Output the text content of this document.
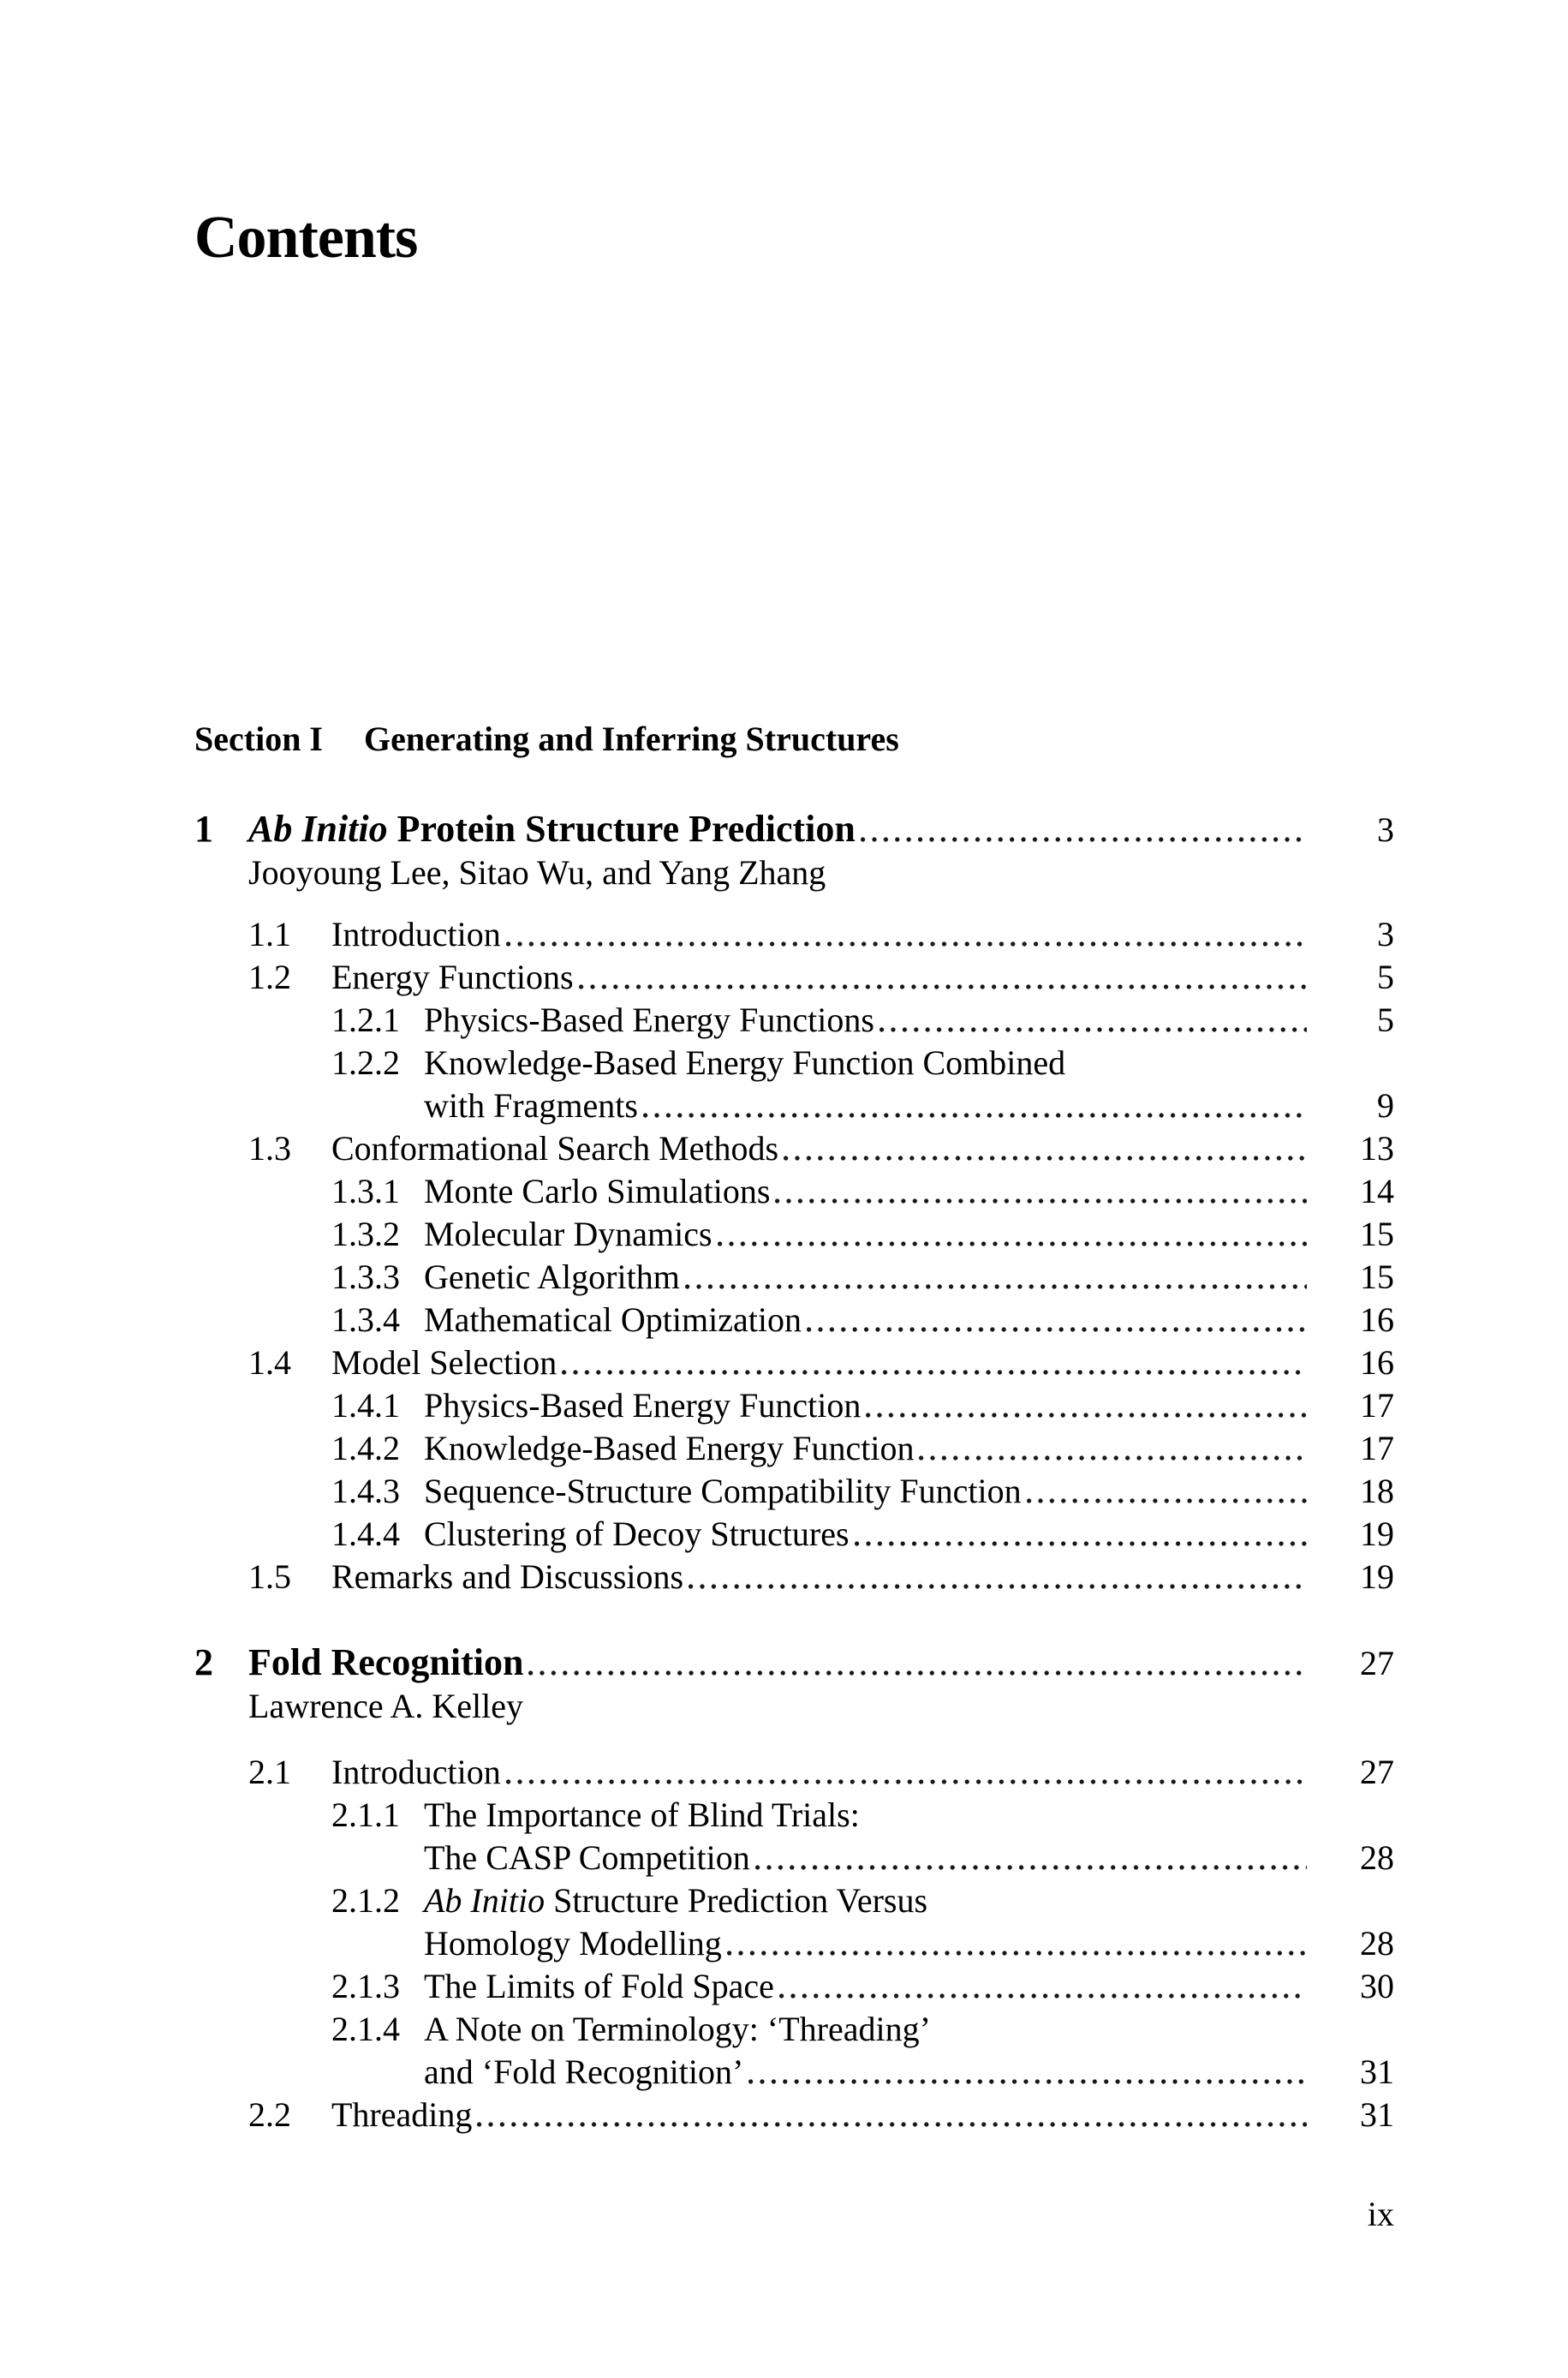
Contents
Section I Generating and Inferring Structures
1 Ab Initio Protein Structure Prediction	3
Jooyoung Lee, Sitao Wu, and Yang Zhang
1.1	Introduction	3
1.2	Energy Functions	5
1.2.1 Physics-Based Energy Functions	5
1.2.2 Knowledge-Based Energy Function Combined
with Fragments	9
1.3	Conformational Search Methods	13
1.3.1 Monte Carlo Simulations	14
1.3.2 Molecular Dynamics	15
1.3.3 Genetic Algorithm	15
1.3.4 Mathematical Optimization	16
1.4	Model Selection	16
1.4.1 Physics-Based Energy Function	17
1.4.2 Knowledge-Based Energy Function	17
1.4.3 Sequence-Structure Compatibility Function	18
1.4.4 Clustering of Decoy Structures	19
1.5	Remarks and Discussions	19
2 Fold Recognition	27
Lawrence A. Kelley
2.1	Introduction	27
2.1.1 The Importance of Blind Trials:
The CASP Competition	28
2.1.2 Ab Initio Structure Prediction Versus
Homology Modelling	28
2.1.3 The Limits of Fold Space	30
2.1.4 A Note on Terminology: ‘Threading’
and ‘Fold Recognition’	31
2.2	Threading	31
ix
